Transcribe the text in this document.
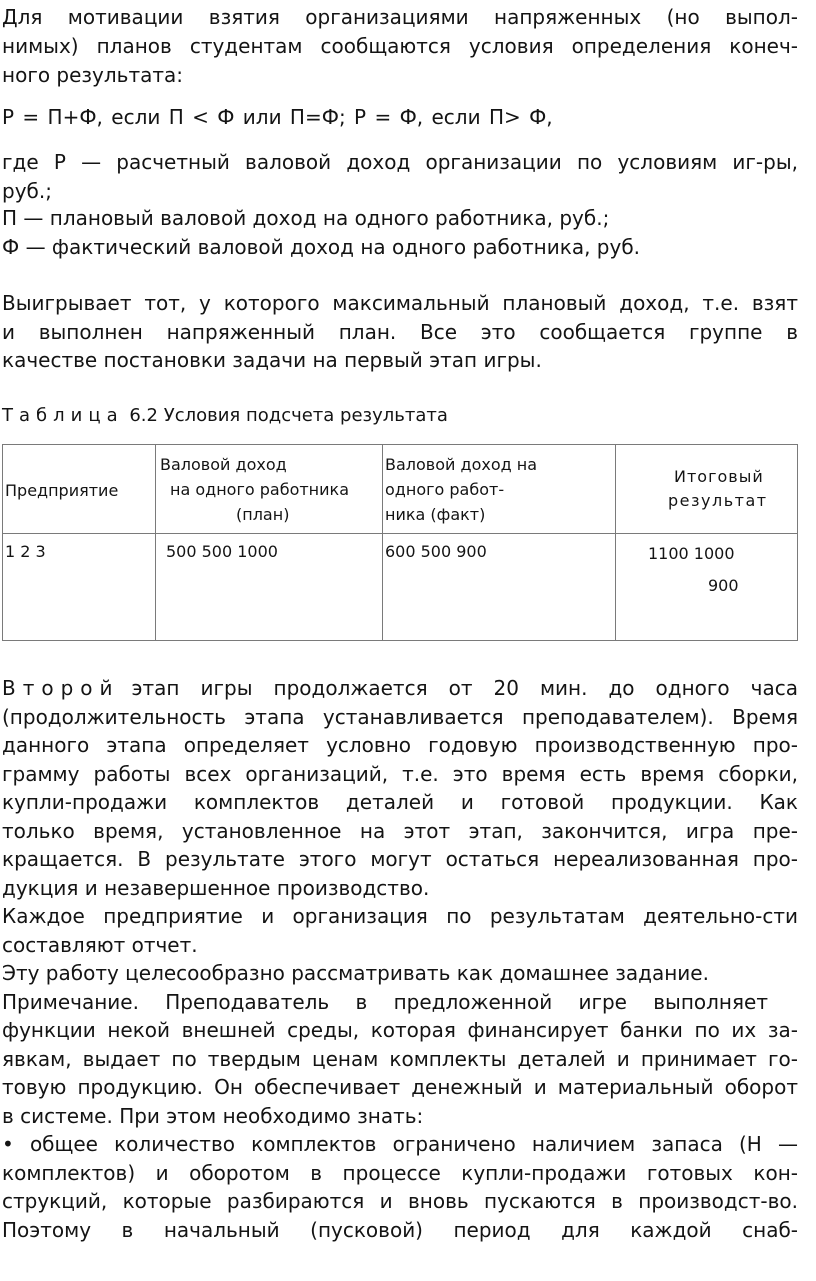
Для мотивации взятия организациями напряженных (но выпол-
нимых) планов студентам сообщаются условия определения конеч-
ного результата:
Р = П+Ф, если П < Ф или П=Ф; Р = Ф, если П> Ф,
где Р — расчетный валовой доход организации по условиям иг-ры,
руб.;
П — плановый валовой доход на одного работника, руб.;
Ф — фактический валовой доход на одного работника, руб.
Выигрывает тот, у которого максимальный плановый доход, т.е. взят
и выполнен напряженный план. Все это сообщается группе в
качестве постановки задачи на первый этап игры.
Таблица 6.2 Условия подсчета результата
Предприятие	Валовой доход
на одного работника
(план)	Валовой доход на
одного работ-
ника (факт)	Итоговый
результат

1 2 3	500 500 1000	600 500 900	1100 1000
900
Второй этап игры продолжается от 20 мин. до одного часа
(продолжительность этапа устанавливается преподавателем). Время
данного этапа определяет условно годовую производственную про-
грамму работы всех организаций, т.е. это время есть время сборки,
купли-продажи комплектов деталей и готовой продукции. Как
только время, установленное на этот этап, закончится, игра пре-
кращается. В результате этого могут остаться нереализованная про-
дукция и незавершенное производство.
Каждое предприятие и организация по результатам деятельно-сти
составляют отчет.
Эту работу целесообразно рассматривать как домашнее задание.
Примечание. Преподаватель в предложенной игре выполняет
функции некой внешней среды, которая финансирует банки по их за-
явкам, выдает по твердым ценам комплекты деталей и принимает го-
товую продукцию. Он обеспечивает денежный и материальный оборот
в системе. При этом необходимо знать:
• общее количество комплектов ограничено наличием запаса (Н —
комплектов) и оборотом в процессе купли-продажи готовых кон-
струкций, которые разбираются и вновь пускаются в производст-во.
Поэтому в начальный (пусковой) период для каждой снаб-
